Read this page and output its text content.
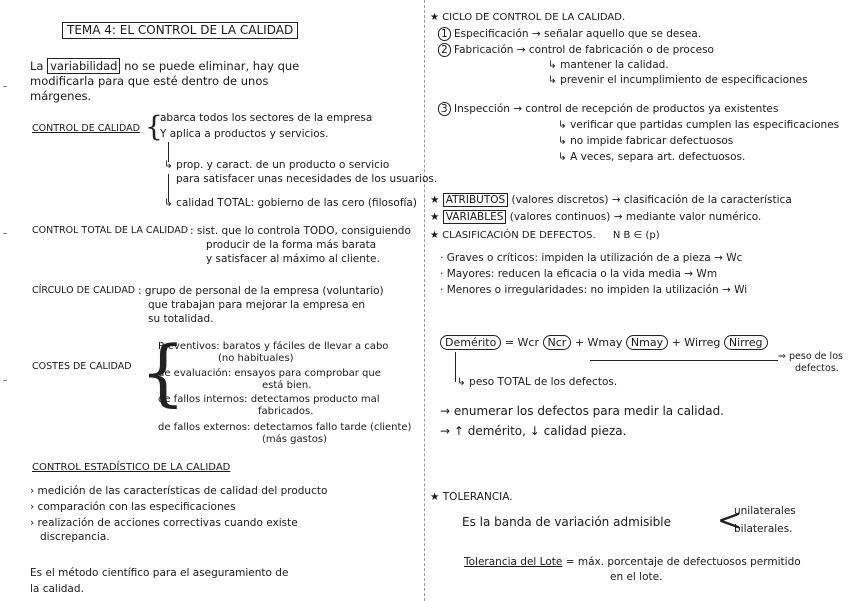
TEMA 4: EL CONTROL DE LA CALIDAD
La variabilidad no se puede eliminar, hay que
modificarla para que esté dentro de unos
márgenes.
CONTROL DE CALIDAD {
abarca todos los sectores de la empresa
Y aplica a productos y servicios.
↳ prop. y caract. de un producto o servicio
para satisfacer unas necesidades de los usuarios.
↳ calidad TOTAL: gobierno de las cero (filosofía)
CONTROL TOTAL DE LA CALIDAD : sist. que lo controla TODO, consiguiendo
producir de la forma más barata
y satisfacer al máximo al cliente.
CÍRCULO DE CALIDAD : grupo de personal de la empresa (voluntario)
que trabajan para mejorar la empresa en
su totalidad.
COSTES DE CALIDAD {
Preventivos: baratos y fáciles de llevar a cabo
(no habituales)
de evaluación: ensayos para comprobar que
está bien.
de fallos internos: detectamos producto mal
fabricados.
de fallos externos: detectamos fallo tarde (cliente)
(más gastos)
CONTROL ESTADÍSTICO DE LA CALIDAD
› medición de las características de calidad del producto
› comparación con las especificaciones
› realización de acciones correctivas cuando existe
discrepancia.
Es el método científico para el aseguramiento de
la calidad.
★ CICLO DE CONTROL DE LA CALIDAD.
1 Especificación → señalar aquello que se desea.
2 Fabricación → control de fabricación o de proceso
↳ mantener la calidad.
↳ prevenir el incumplimiento de especificaciones
3 Inspección → control de recepción de productos ya existentes
↳ verificar que partidas cumplen las especificaciones
↳ no impide fabricar defectuosos
↳ A veces, separa art. defectuosos.
★ ATRIBUTOS (valores discretos) → clasificación de la característica
★ VARIABLES (valores continuos) → mediante valor numérico.
★ CLASIFICACIÓN DE DEFECTOS. N B ∈ (p)
· Graves o críticos: impiden la utilización de a pieza → Wc
· Mayores: reducen la eficacia o la vida media → Wm
· Menores o irregularidades: no impiden la utilización → Wi
Demérito = Wcr Ncr + Wmay Nmay + Wirreg Nirreg
⇒ peso de los
defectos.
↳ peso TOTAL de los defectos.
→ enumerar los defectos para medir la calidad.
→ ↑ demérito, ↓ calidad pieza.
★ TOLERANCIA.
Es la banda de variación admisible <
unilaterales
bilaterales.
Tolerancia del Lote = máx. porcentaje de defectuosos permitido
en el lote.
